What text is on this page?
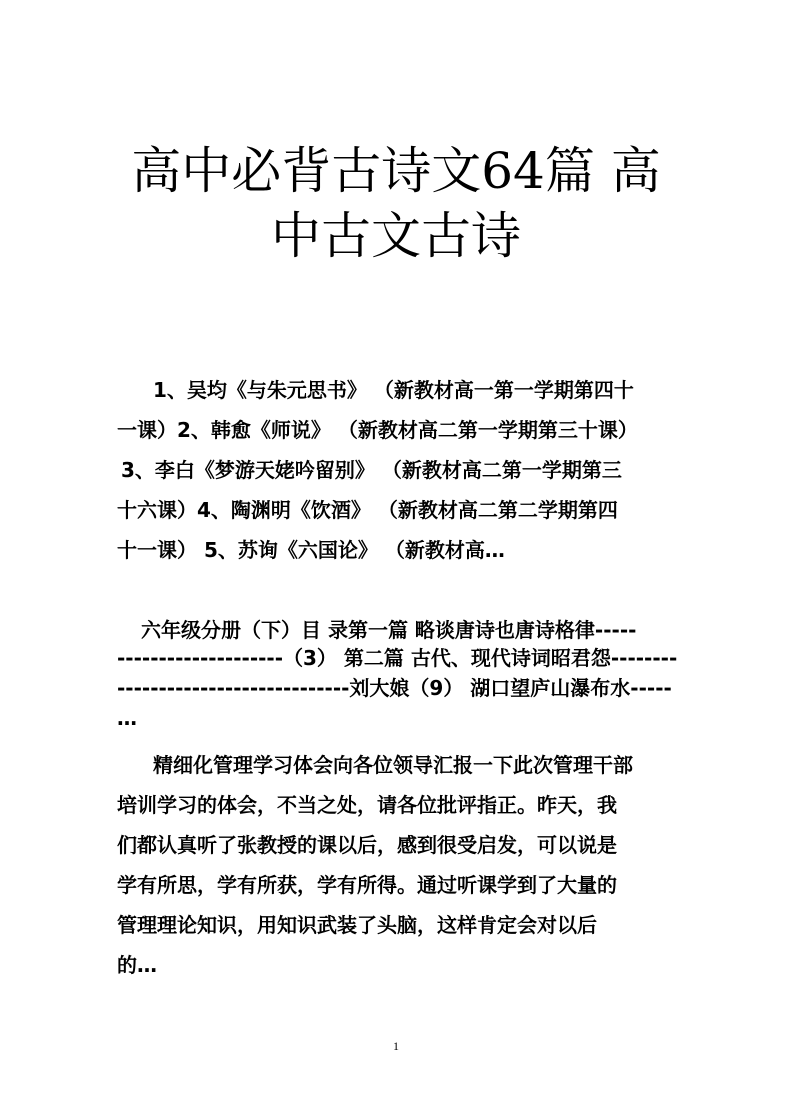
高中必背古诗文64篇 高
中古文古诗
1、吴均《与朱元思书》 （新教材高一第一学期第四十
一课）2、韩愈《师说》 （新教材高二第一学期第三十课）
3、李白《梦游天姥吟留别》 （新教材高二第一学期第三
十六课）4、陶渊明《饮酒》 （新教材高二第二学期第四
十一课） 5、苏询《六国论》 （新教材高…
六年级分册（下）目 录第一篇 略谈唐诗也唐诗格律-----
--------------------（3） 第二篇 古代、现代诗词昭君怨--------
----------------------------刘大娘（9） 湖口望庐山瀑布水-----
…
精细化管理学习体会向各位领导汇报一下此次管理干部
培训学习的体会，不当之处，请各位批评指正。昨天，我
们都认真听了张教授的课以后，感到很受启发，可以说是
学有所思，学有所获，学有所得。通过听课学到了大量的
管理理论知识，用知识武装了头脑，这样肯定会对以后
的…
1
